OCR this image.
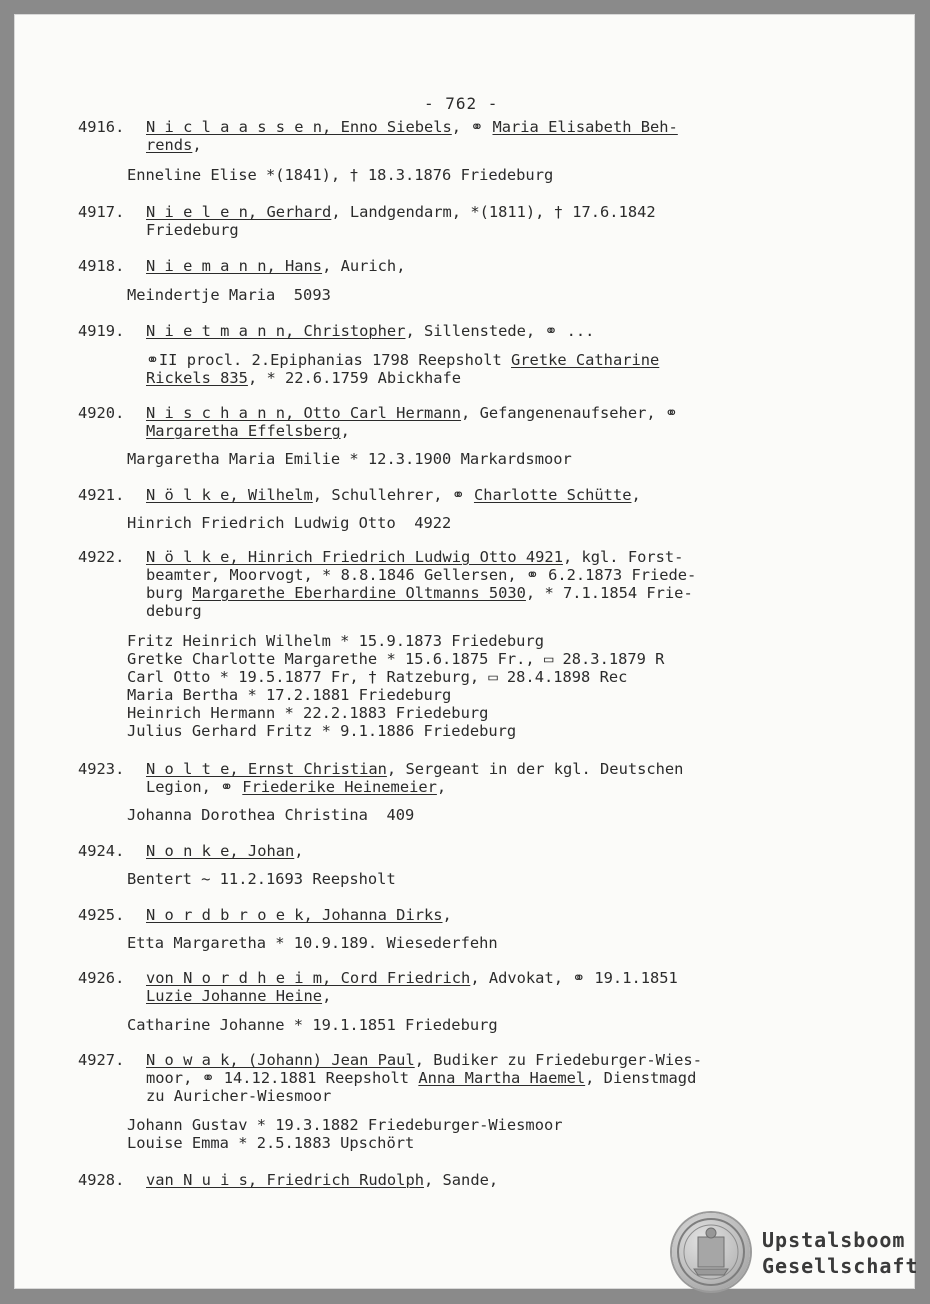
- 762 -
4916. N i c l a a s s e n, Enno Siebels, ⚭ Maria Elisabeth Beh-
rends,
Enneline Elise *(1841), † 18.3.1876 Friedeburg
4917. N i e l e n, Gerhard, Landgendarm, *(1811), † 17.6.1842
Friedeburg
4918. N i e m a n n, Hans, Aurich,
Meindertje Maria  5093
4919. N i e t m a n n, Christopher, Sillenstede, ⚭ ...
⚭II procl. 2.Epiphanias 1798 Reepsholt Gretke Catharine
Rickels 835, * 22.6.1759 Abickhafe
4920. N i s c h a n n, Otto Carl Hermann, Gefangenenaufseher, ⚭
Margaretha Effelsberg,
Margaretha Maria Emilie * 12.3.1900 Markardsmoor
4921. N ö l k e, Wilhelm, Schullehrer, ⚭ Charlotte Schütte,
Hinrich Friedrich Ludwig Otto  4922
4922. N ö l k e, Hinrich Friedrich Ludwig Otto 4921, kgl. Forst-
beamter, Moorvogt, * 8.8.1846 Gellersen, ⚭ 6.2.1873 Friede-
burg Margarethe Eberhardine Oltmanns 5030, * 7.1.1854 Frie-
deburg
Fritz Heinrich Wilhelm * 15.9.1873 Friedeburg
Gretke Charlotte Margarethe * 15.6.1875 Fr., ▭ 28.3.1879 R
Carl Otto * 19.5.1877 Fr, † Ratzeburg, ▭ 28.4.1898 Rec
Maria Bertha * 17.2.1881 Friedeburg
Heinrich Hermann * 22.2.1883 Friedeburg
Julius Gerhard Fritz * 9.1.1886 Friedeburg
4923. N o l t e, Ernst Christian, Sergeant in der kgl. Deutschen
Legion, ⚭ Friederike Heinemeier,
Johanna Dorothea Christina  409
4924. N o n k e, Johan,
Bentert ~ 11.2.1693 Reepsholt
4925. N o r d b r o e k, Johanna Dirks,
Etta Margaretha * 10.9.189. Wiesederfehn
4926. von N o r d h e i m, Cord Friedrich, Advokat, ⚭ 19.1.1851
Luzie Johanne Heine,
Catharine Johanne * 19.1.1851 Friedeburg
4927. N o w a k, (Johann) Jean Paul, Budiker zu Friedeburger-Wies-
moor, ⚭ 14.12.1881 Reepsholt Anna Martha Haemel, Dienstmagd
zu Auricher-Wiesmoor
Johann Gustav * 19.3.1882 Friedeburger-Wiesmoor
Louise Emma * 2.5.1883 Upschört
4928. van N u i s, Friedrich Rudolph, Sande,
Upstalsboom
Gesellschaft
